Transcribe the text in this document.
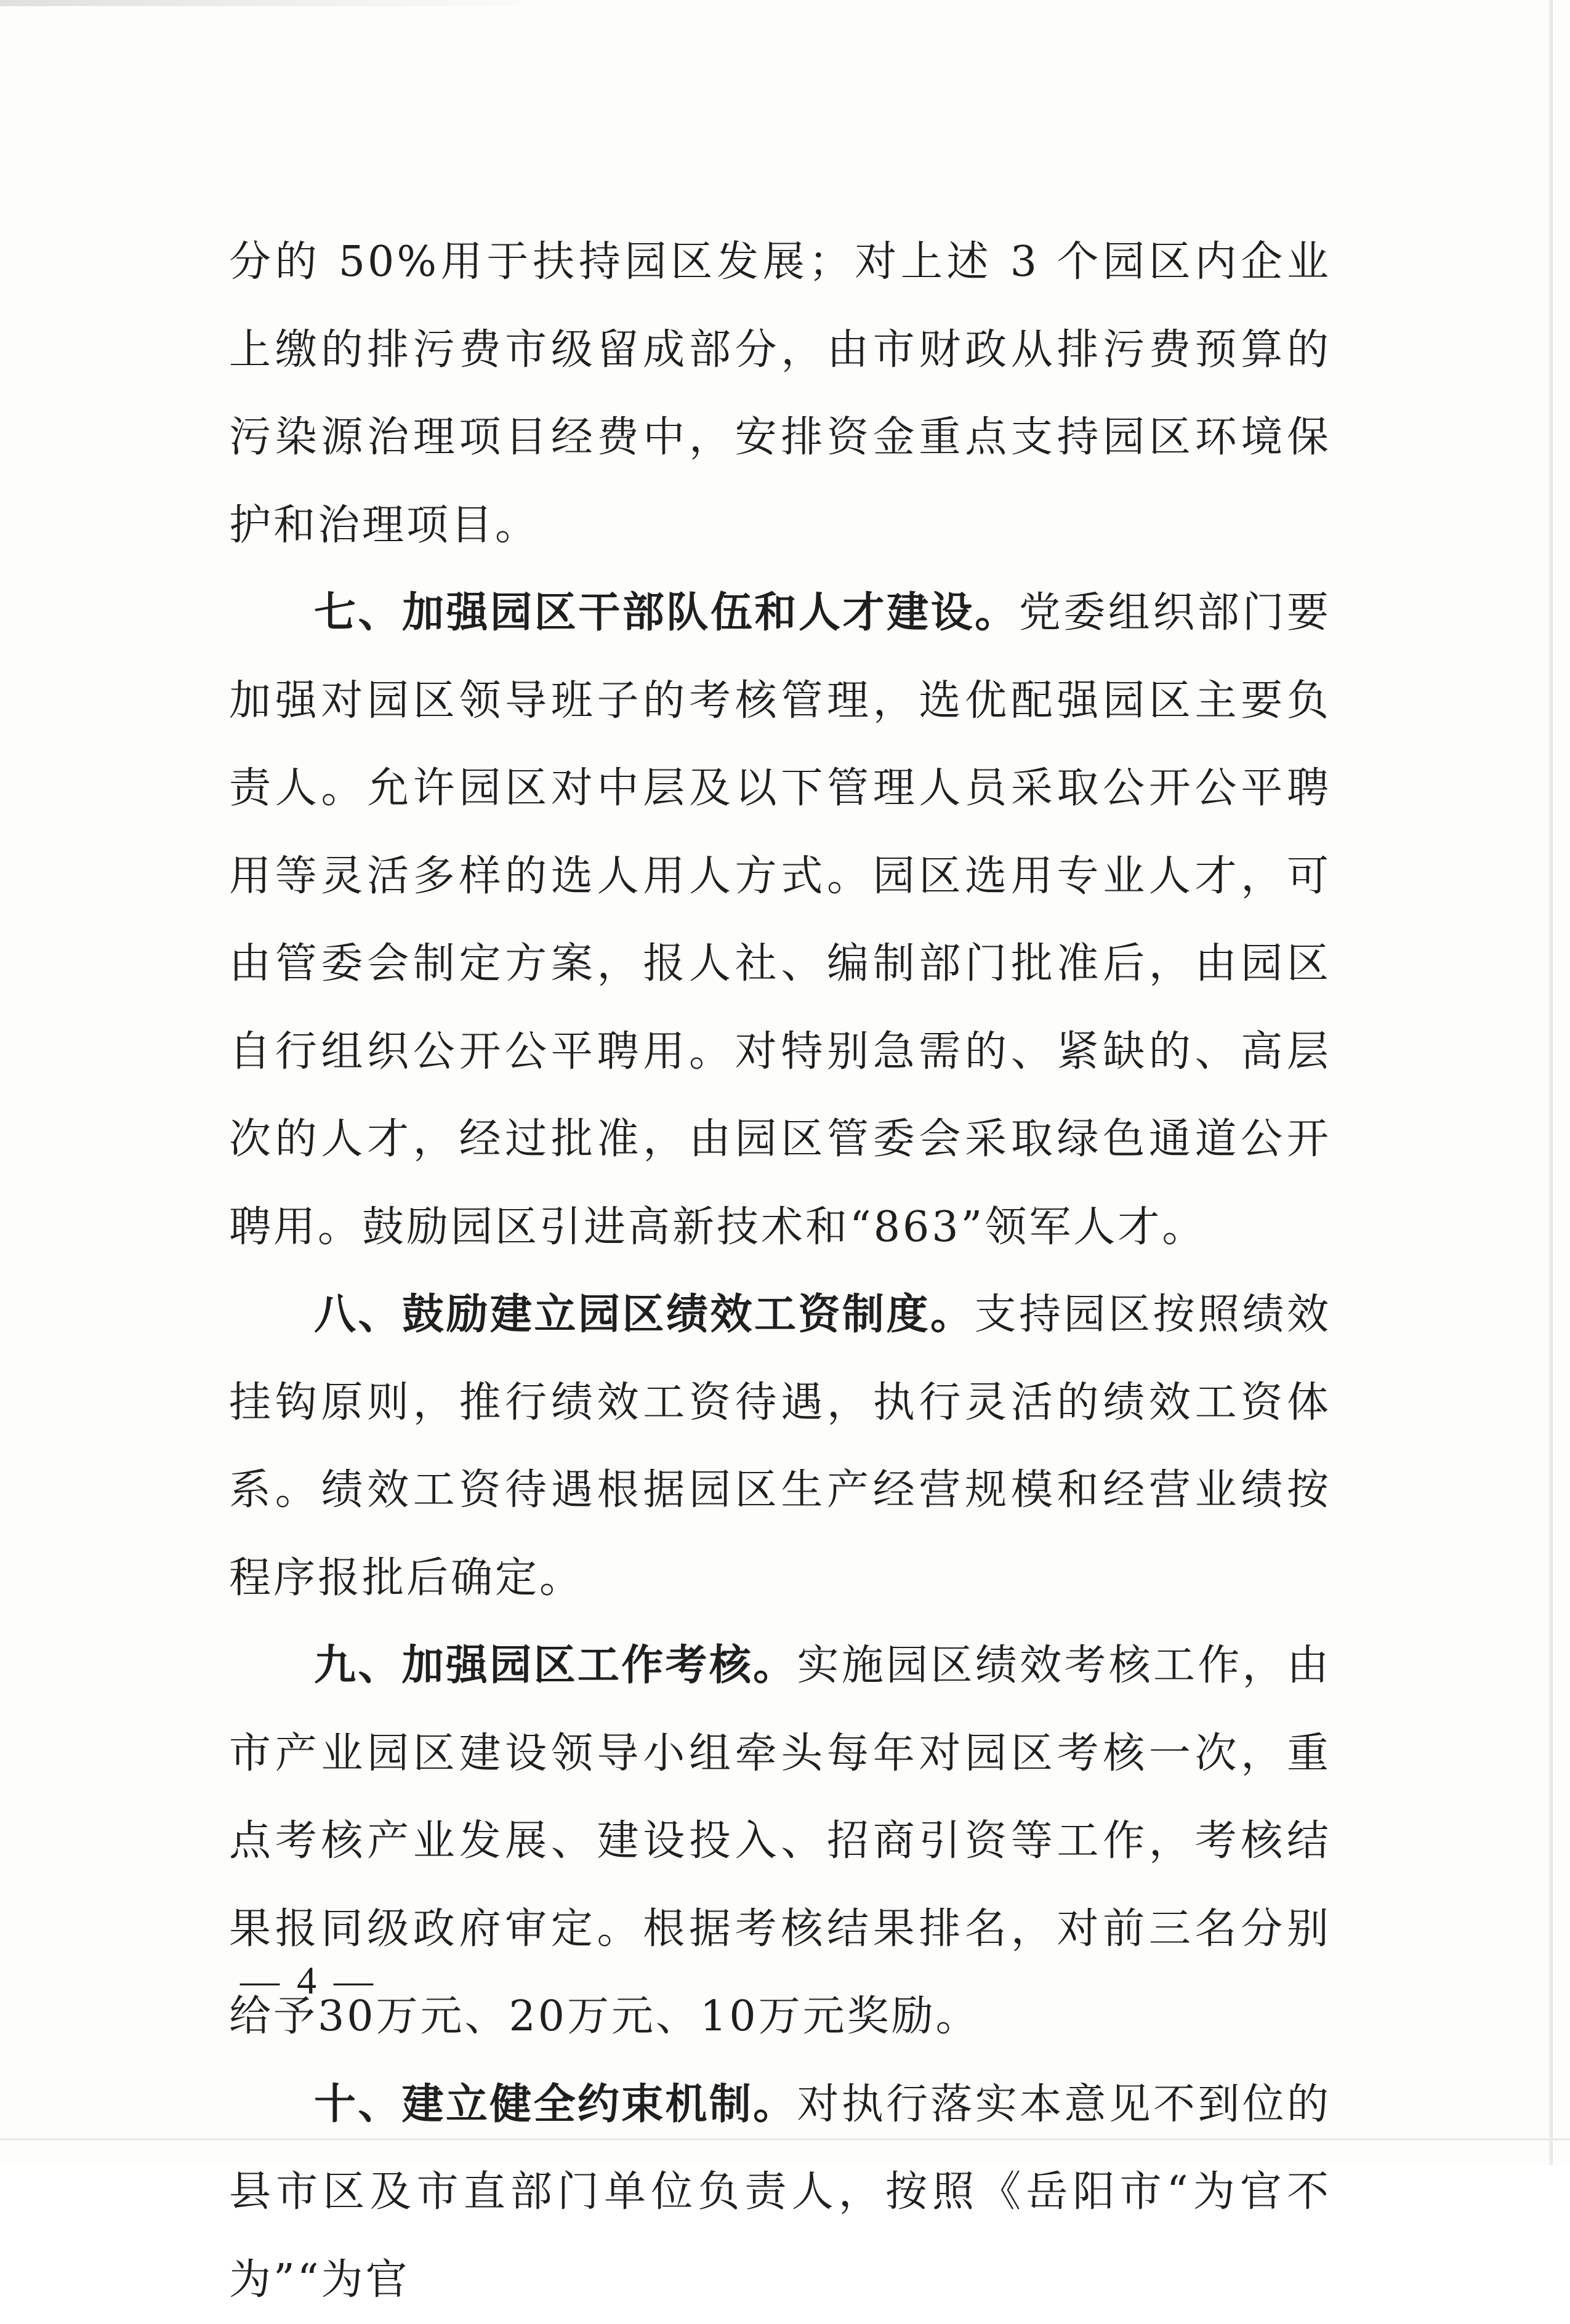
分的 50%用于扶持园区发展；对上述 3 个园区内企业上缴的排污费市级留成部分，由市财政从排污费预算的污染源治理项目经费中，安排资金重点支持园区环境保护和治理项目。

七、加强园区干部队伍和人才建设。党委组织部门要加强对园区领导班子的考核管理，选优配强园区主要负责人。允许园区对中层及以下管理人员采取公开公平聘用等灵活多样的选人用人方式。园区选用专业人才，可由管委会制定方案，报人社、编制部门批准后，由园区自行组织公开公平聘用。对特别急需的、紧缺的、高层次的人才，经过批准，由园区管委会采取绿色通道公开聘用。鼓励园区引进高新技术和“863”领军人才。

八、鼓励建立园区绩效工资制度。支持园区按照绩效挂钩原则，推行绩效工资待遇，执行灵活的绩效工资体系。绩效工资待遇根据园区生产经营规模和经营业绩按程序报批后确定。

九、加强园区工作考核。实施园区绩效考核工作，由市产业园区建设领导小组牵头每年对园区考核一次，重点考核产业发展、建设投入、招商引资等工作，考核结果报同级政府审定。根据考核结果排名，对前三名分别给予30万元、20万元、10万元奖励。

十、建立健全约束机制。对执行落实本意见不到位的县市区及市直部门单位负责人，按照《岳阳市“为官不为”“为官

— 4 —
